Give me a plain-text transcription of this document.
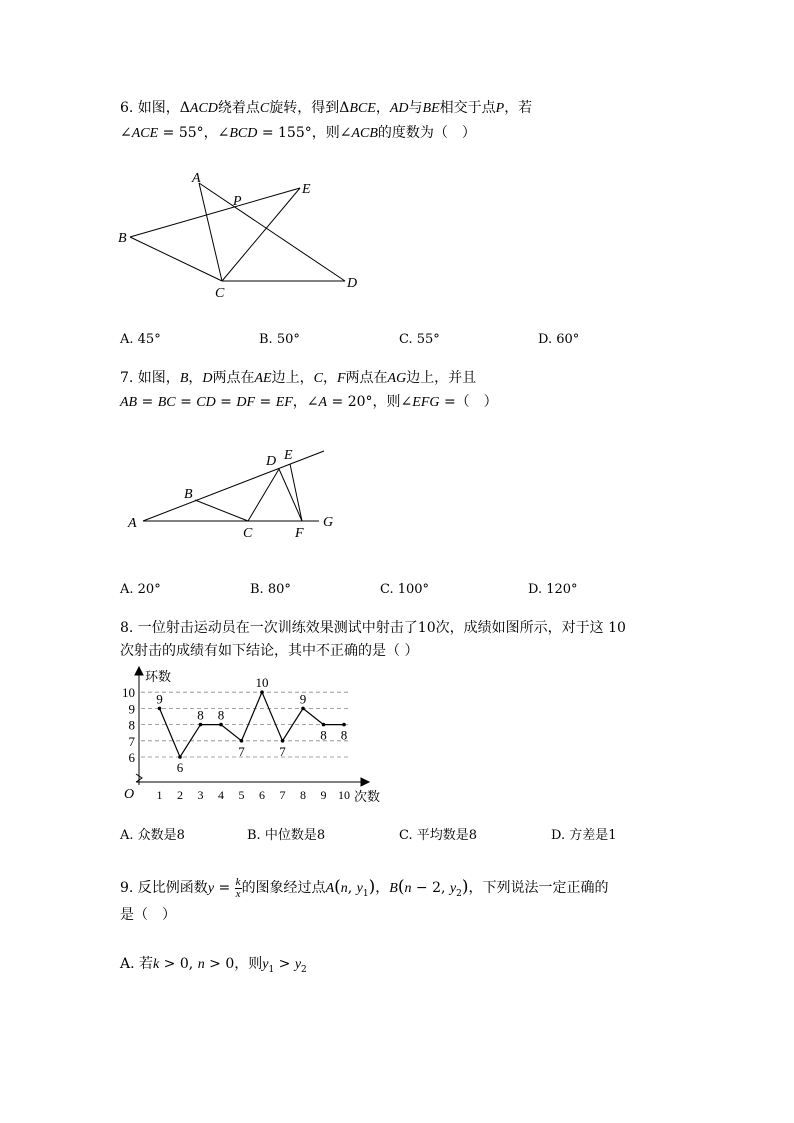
6. 如图，ΔACD绕着点C旋转，得到ΔBCE，AD与BE相交于点P，若
∠ACE = 55°，∠BCD = 155°，则∠ACB的度数为（　）
A
P
E
B
C
D
A. 45°	B. 50°	C. 55°	D. 60°
7. 如图，B，D两点在AE边上，C，F两点在AG边上，并且
AB = BC = CD = DF = EF，∠A = 20°，则∠EFG =（　）
A
B
C
D E
F
G
A. 20°	B. 80°	C. 100°	D. 120°
8. 一位射击运动员在一次训练效果测试中射击了10次，成绩如图所示，对于这 10
次射击的成绩有如下结论，其中不正确的是（ ）
1 2 3 4 5 6 7 8 9 10
6
7
8
9
10 9
6
8 8
7
10
7
9
8 8
环数
次数
O
A. 众数是8	B. 中位数是8	C. 平均数是8	D. 方差是1
9. 反比例函数$y = \frac{k}{x}$ 的图象经过点A(n, $y_1$)，B(n − 2, $y_2$)，下列说法一定正确的
是（　）
A. 若k > 0, n > 0，则$y_1 > y_2$
